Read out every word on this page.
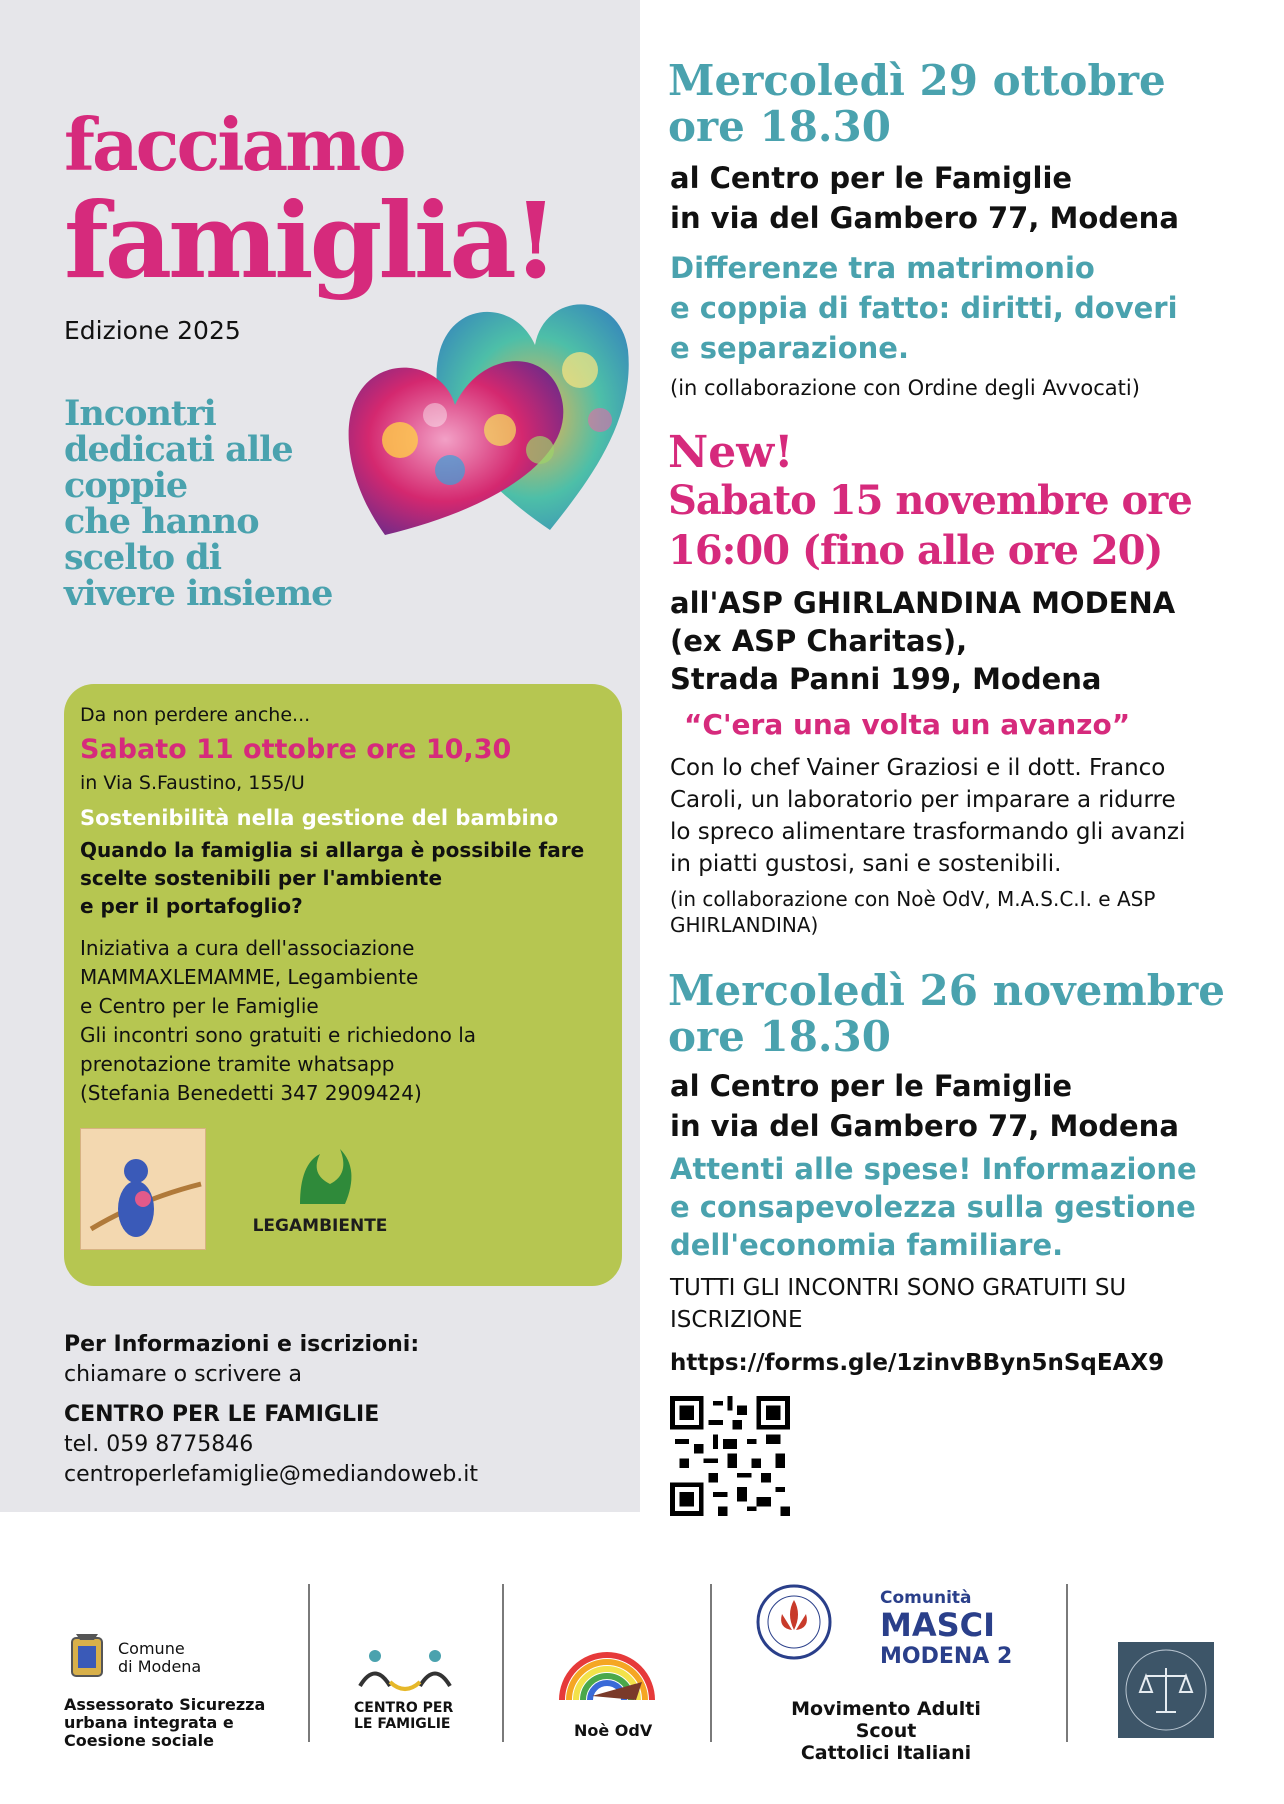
facciamo
famiglia!
Edizione 2025
Incontri
dedicati alle
coppie
che hanno
scelto di
vivere insieme
Da non perdere anche...
Sabato 11 ottobre ore 10,30
in Via S.Faustino, 155/U
Sostenibilità nella gestione del bambino
Quando la famiglia si allarga è possibile fare
scelte sostenibili per l'ambiente
e per il portafoglio?
Iniziativa a cura dell'associazione
MAMMAXLEMAMME, Legambiente
e Centro per le Famiglie
Gli incontri sono gratuiti e richiedono la
prenotazione tramite whatsapp
(Stefania Benedetti 347 2909424)
LEGAMBIENTE
Per Informazioni e iscrizioni:
chiamare o scrivere a
CENTRO PER LE FAMIGLIE
tel. 059 8775846
centroperlefamiglie@mediandoweb.it
Mercoledì 29 ottobre
ore 18.30
al Centro per le Famiglie
in via del Gambero 77, Modena
Differenze tra matrimonio
e coppia di fatto: diritti, doveri
e separazione.
(in collaborazione con Ordine degli Avvocati)
New!
Sabato 15 novembre ore
16:00 (fino alle ore 20)
all'ASP GHIRLANDINA MODENA
(ex ASP Charitas),
Strada Panni 199, Modena
“C'era una volta un avanzo”
Con lo chef Vainer Graziosi e il dott. Franco
Caroli, un laboratorio per imparare a ridurre
lo spreco alimentare trasformando gli avanzi
in piatti gustosi, sani e sostenibili.
(in collaborazione con Noè OdV, M.A.S.C.I. e ASP
GHIRLANDINA)
Mercoledì 26 novembre
ore 18.30
al Centro per le Famiglie
in via del Gambero 77, Modena
Attenti alle spese! Informazione
e consapevolezza sulla gestione
dell'economia familiare.
TUTTI GLI INCONTRI SONO GRATUITI SU
ISCRIZIONE
https://forms.gle/1zinvBByn5nSqEAX9
Comune
di Modena
Assessorato Sicurezza
urbana integrata e
Coesione sociale
CENTRO PER
LE FAMIGLIE	Noè OdV
Comunità
MASCI
MODENA 2
Movimento Adulti Scout
Cattolici Italiani
